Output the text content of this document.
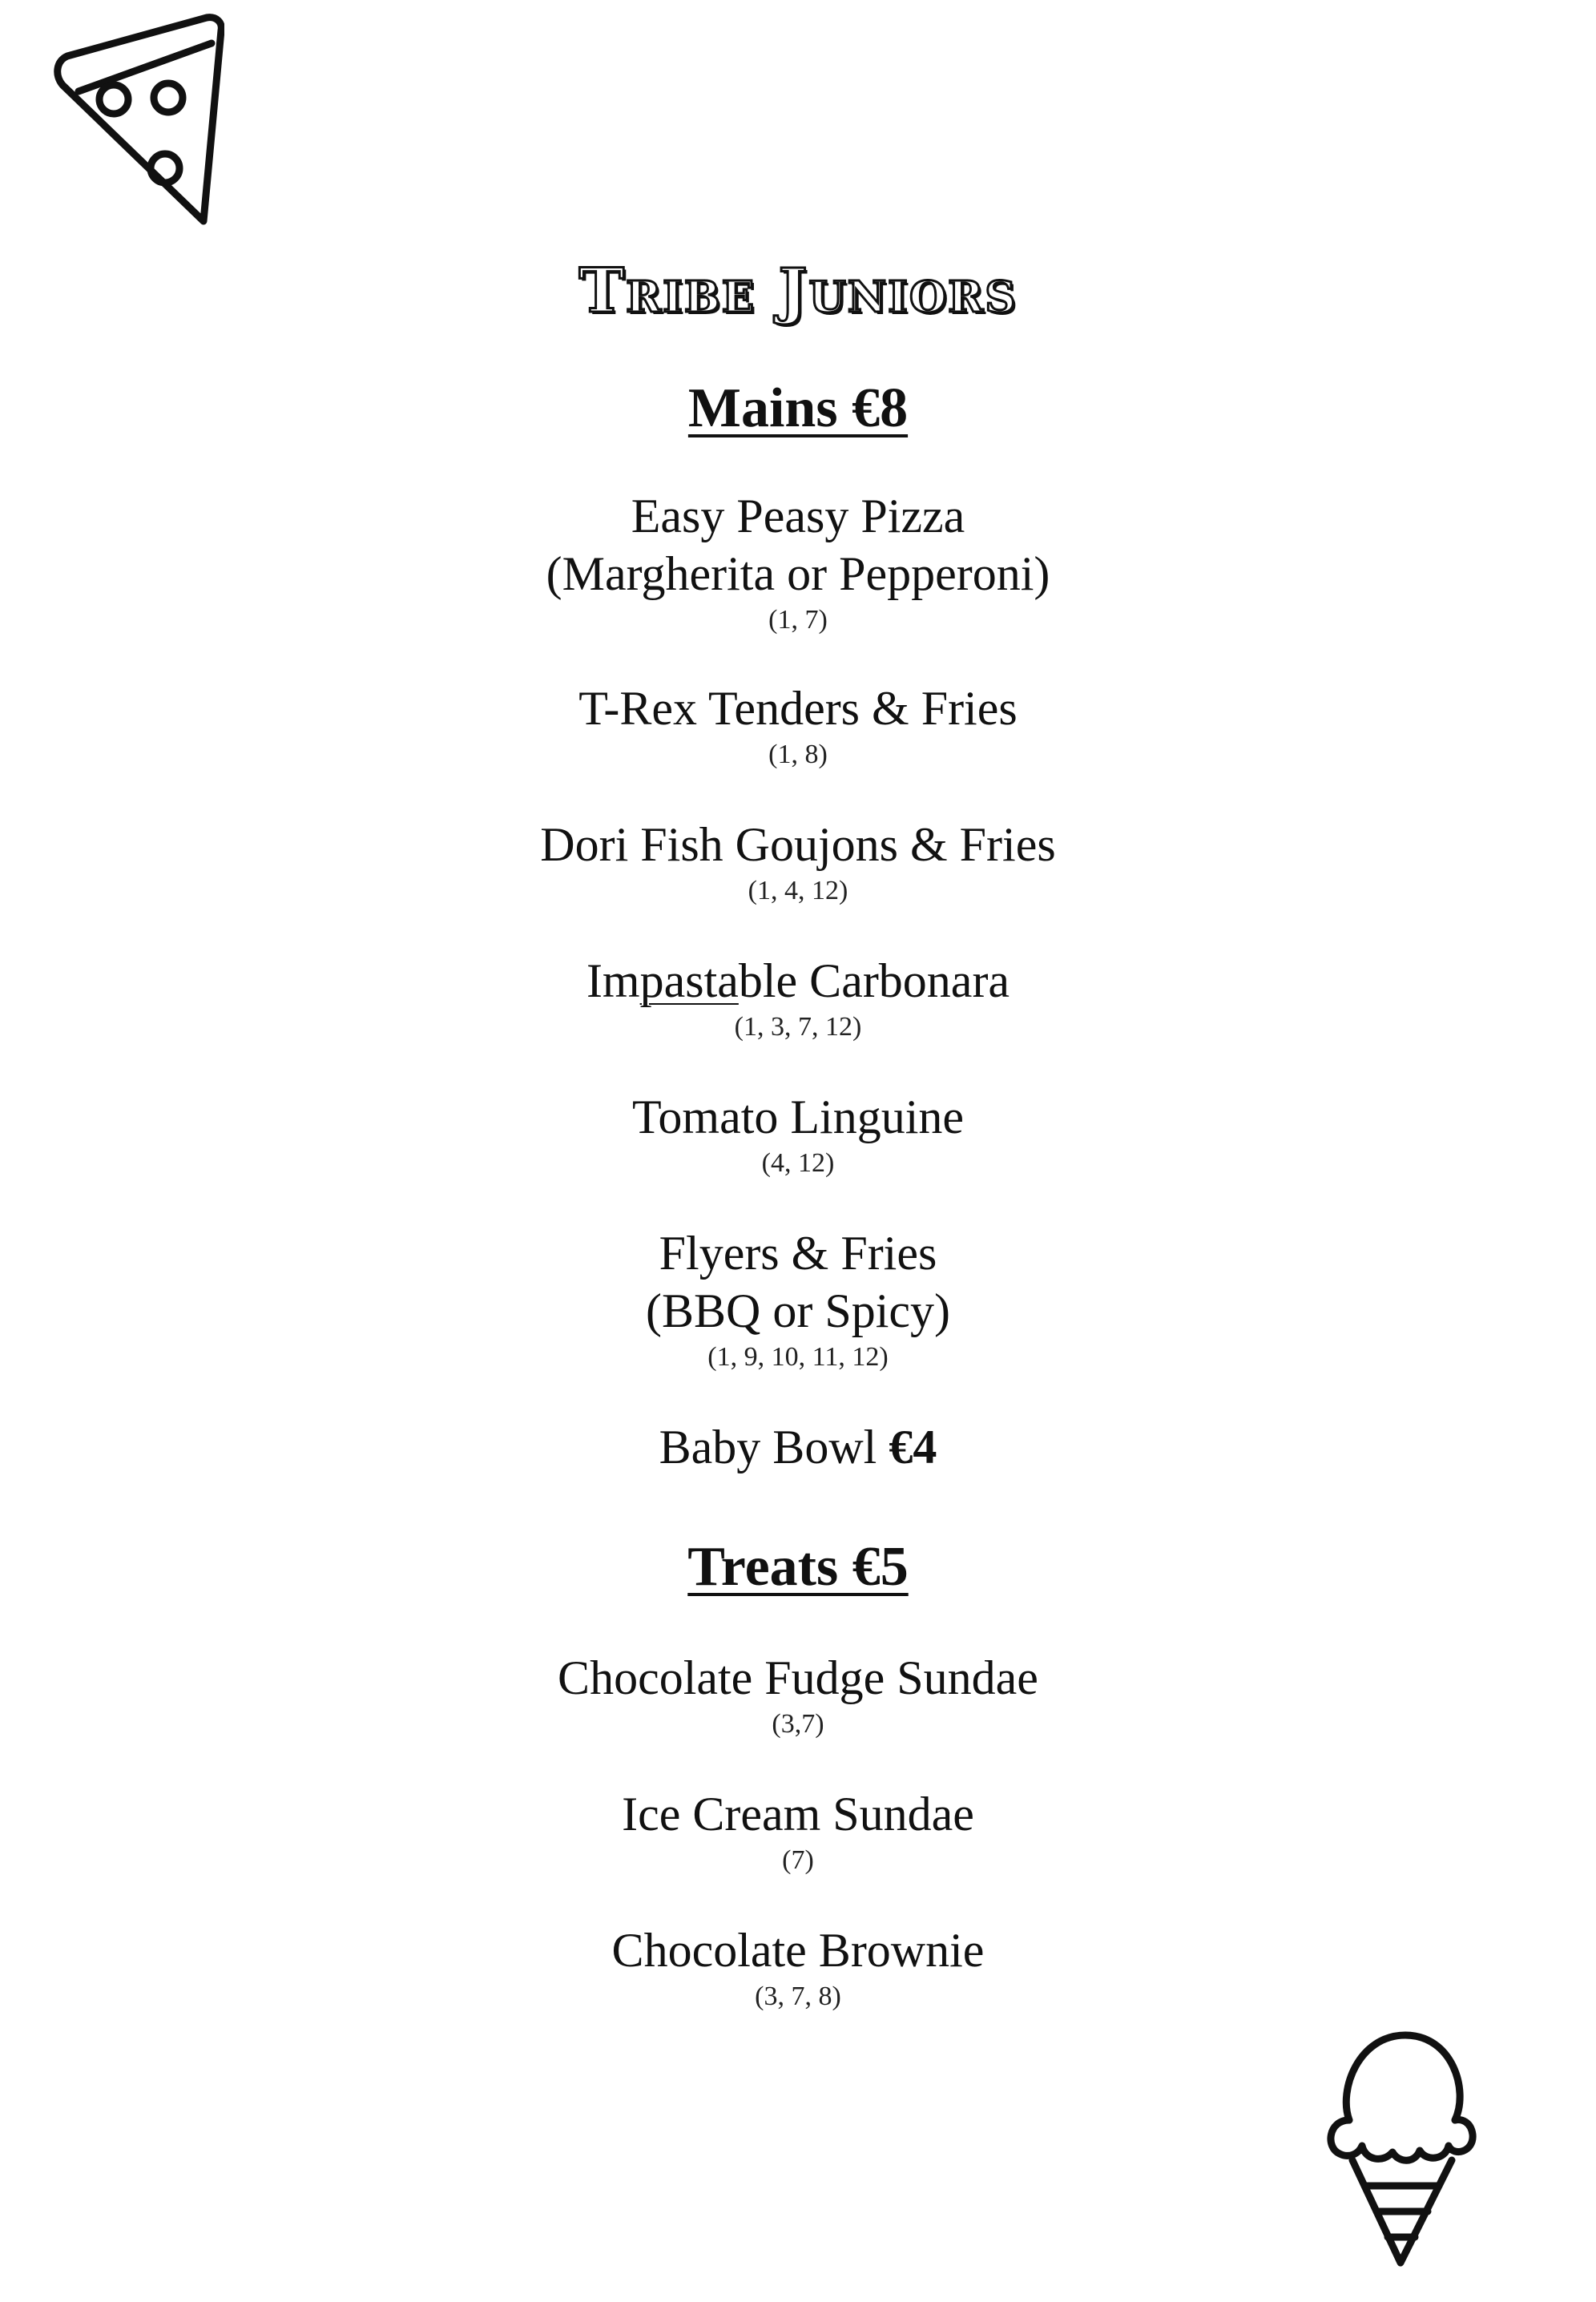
Tribe Juniors
Mains €8
Easy Peasy Pizza
(Margherita or Pepperoni)
(1, 7)
T-Rex Tenders & Fries
(1, 8)
Dori Fish Goujons & Fries
(1, 4, 12)
Impastable Carbonara
(1, 3, 7, 12)
Tomato Linguine
(4, 12)
Flyers & Fries
(BBQ or Spicy)
(1, 9, 10, 11, 12)
Baby Bowl €4
Treats €5
Chocolate Fudge Sundae
(3,7)
Ice Cream Sundae
(7)
Chocolate Brownie
(3, 7, 8)
